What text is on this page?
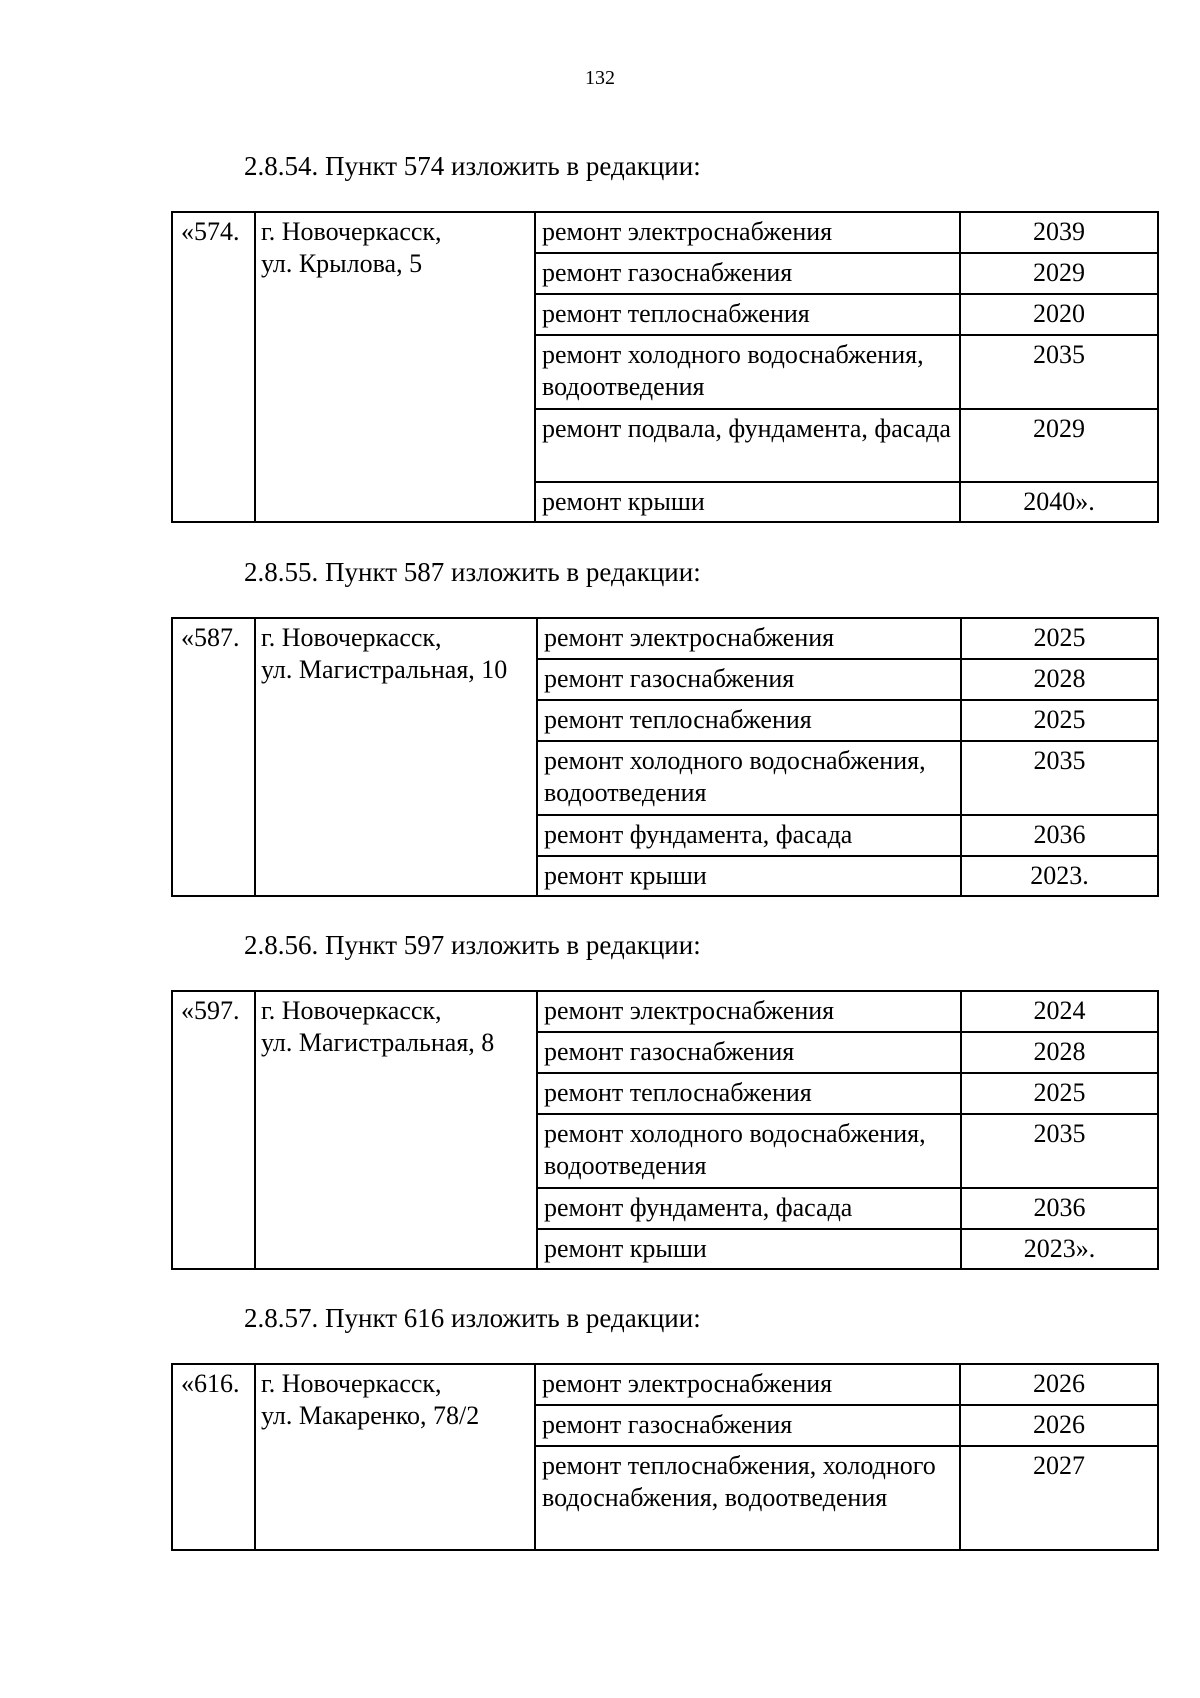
132
2.8.54. Пункт 574 изложить в редакции:
«574.	г. Новочеркасск,
ул. Крылова, 5	ремонт электроснабжения	2039
		ремонт газоснабжения	2029
		ремонт теплоснабжения	2020
		ремонт холодного водоснабжения, водоотведения	2035
		ремонт подвала, фундамента, фасада	2029
		ремонт крыши	2040».
2.8.55. Пункт 587 изложить в редакции:
«587.	г. Новочеркасск,
ул. Магистральная, 10	ремонт электроснабжения	2025
		ремонт газоснабжения	2028
		ремонт теплоснабжения	2025
		ремонт холодного водоснабжения, водоотведения	2035
		ремонт фундамента, фасада	2036
		ремонт крыши	2023.
2.8.56. Пункт 597 изложить в редакции:
«597.	г. Новочеркасск,
ул. Магистральная, 8	ремонт электроснабжения	2024
		ремонт газоснабжения	2028
		ремонт теплоснабжения	2025
		ремонт холодного водоснабжения, водоотведения	2035
		ремонт фундамента, фасада	2036
		ремонт крыши	2023».
2.8.57. Пункт 616 изложить в редакции:
«616.	г. Новочеркасск,
ул. Макаренко, 78/2	ремонт электроснабжения	2026
		ремонт газоснабжения	2026
		ремонт теплоснабжения, холодного водоснабжения, водоотведения	2027
